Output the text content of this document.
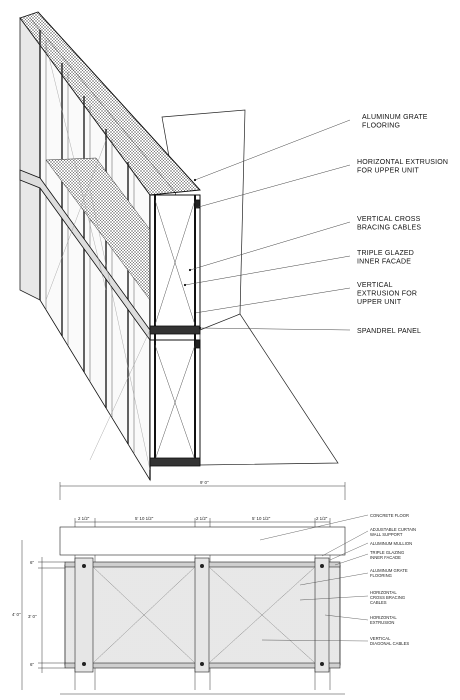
ALUMINUM GRATE FLOORING
HORIZONTAL EXTRUSION FOR UPPER UNIT
VERTICAL CROSS BRACING CABLES
TRIPLE GLAZED INNER FACADE
VERTICAL EXTRUSION FOR UPPER UNIT
SPANDREL PANEL
9' 0"
2 1/2"	5' 10 1/2"	2 1/2"	5' 10 1/2"	2 1/2"
6"
3' 0"
6"
4' 0"
CONCRETE FLOOR
ADJUSTABLE CURTAIN WALL SUPPORT
ALUMINUM MULLION
TRIPLE GLAZING INNER FACADE
ALUMINUM GRATE FLOORING
HORIZONTAL CROSS BRACING CABLES
HORIZONTAL EXTRUSION
VERTICAL DIAGONAL CABLES
